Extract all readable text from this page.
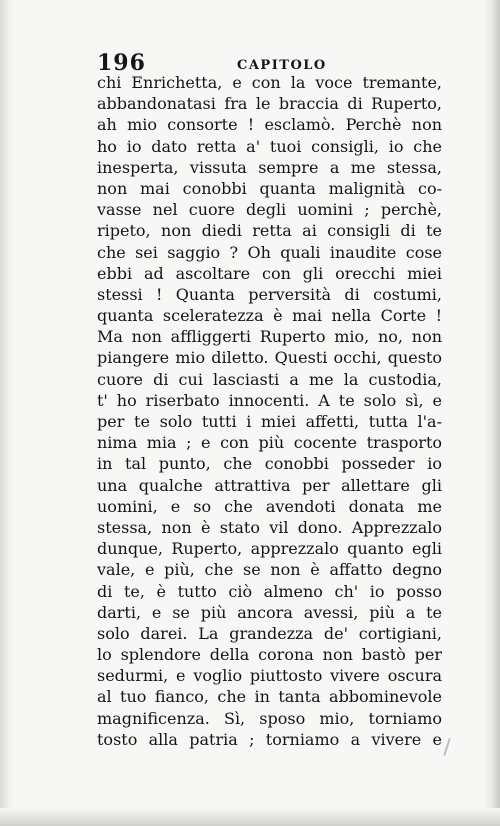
196	CAPITOLO
chi Enrichetta, e con la voce tremante,
abbandonatasi fra le braccia di Ruperto,
ah mio consorte ! esclamò. Perchè non
ho io dato retta a' tuoi consigli, io che
inesperta, vissuta sempre a me stessa,
non mai conobbi quanta malignità co-
vasse nel cuore degli uomini ; perchè,
ripeto, non diedi retta ai consigli di te
che sei saggio ? Oh quali inaudite cose
ebbi ad ascoltare con gli orecchi miei
stessi ! Quanta perversità di costumi,
quanta sceleratezza è mai nella Corte !
Ma non affliggerti Ruperto mio, no, non
piangere mio diletto. Questi occhi, questo
cuore di cui lasciasti a me la custodia,
t' ho riserbato innocenti. A te solo sì, e
per te solo tutti i miei affetti, tutta l'a-
nima mia ; e con più cocente trasporto
in tal punto, che conobbi posseder io
una qualche attrattiva per allettare gli
uomini, e so che avendoti donata me
stessa, non è stato vil dono. Apprezzalo
dunque, Ruperto, apprezzalo quanto egli
vale, e più, che se non è affatto degno
di te, è tutto ciò almeno ch' io posso
darti, e se più ancora avessi, più a te
solo darei. La grandezza de' cortigiani,
lo splendore della corona non bastò per
sedurmi, e voglio piuttosto vivere oscura
al tuo fianco, che in tanta abbominevole
magnificenza. Sì, sposo mio, torniamo
tosto alla patria ; torniamo a vivere e
